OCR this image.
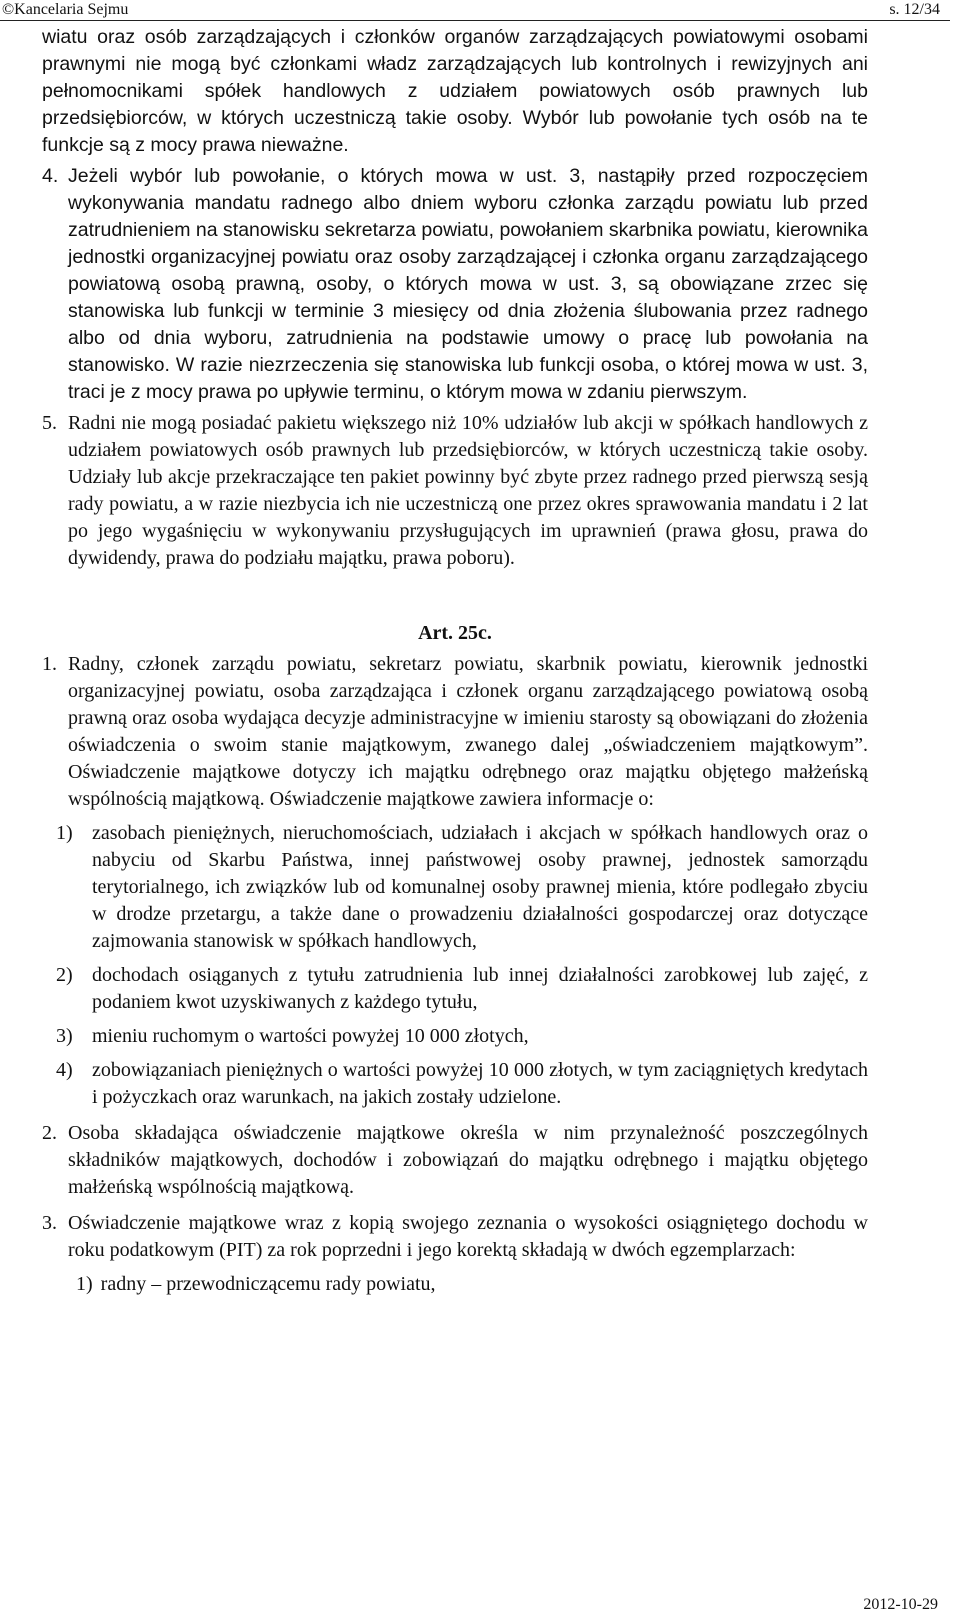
©Kancelaria Sejmu	s. 12/34

wiatu oraz osób zarządzających i członków organów zarządzających powiatowymi osobami prawnymi nie mogą być członkami władz zarządzających lub kontrolnych i rewizyjnych ani pełnomocnikami spółek handlowych z udziałem powiatowych osób prawnych lub przedsiębiorców, w których uczestniczą takie osoby. Wybór lub powołanie tych osób na te funkcje są z mocy prawa nieważne.

4. Jeżeli wybór lub powołanie, o których mowa w ust. 3, nastąpiły przed rozpoczęciem wykonywania mandatu radnego albo dniem wyboru członka zarządu powiatu lub przed zatrudnieniem na stanowisku sekretarza powiatu, powołaniem skarbnika powiatu, kierownika jednostki organizacyjnej powiatu oraz osoby zarządzającej i członka organu zarządzającego powiatową osobą prawną, osoby, o których mowa w ust. 3, są obowiązane zrzec się stanowiska lub funkcji w terminie 3 miesięcy od dnia złożenia ślubowania przez radnego albo od dnia wyboru, zatrudnienia na podstawie umowy o pracę lub powołania na stanowisko. W razie niezrzeczenia się stanowiska lub funkcji osoba, o której mowa w ust. 3, traci je z mocy prawa po upływie terminu, o którym mowa w zdaniu pierwszym.

5. Radni nie mogą posiadać pakietu większego niż 10% udziałów lub akcji w spółkach handlowych z udziałem powiatowych osób prawnych lub przedsiębiorców, w których uczestniczą takie osoby. Udziały lub akcje przekraczające ten pakiet powinny być zbyte przez radnego przed pierwszą sesją rady powiatu, a w razie niezbycia ich nie uczestniczą one przez okres sprawowania mandatu i 2 lat po jego wygaśnięciu w wykonywaniu przysługujących im uprawnień (prawa głosu, prawa do dywidendy, prawa do podziału majątku, prawa poboru).

Art. 25c.

1. Radny, członek zarządu powiatu, sekretarz powiatu, skarbnik powiatu, kierownik jednostki organizacyjnej powiatu, osoba zarządzająca i członek organu zarządzającego powiatową osobą prawną oraz osoba wydająca decyzje administracyjne w imieniu starosty są obowiązani do złożenia oświadczenia o swoim stanie majątkowym, zwanego dalej „oświadczeniem majątkowym”. Oświadczenie majątkowe dotyczy ich majątku odrębnego oraz majątku objętego małżeńską wspólnością majątkową. Oświadczenie majątkowe zawiera informacje o:

1) zasobach pieniężnych, nieruchomościach, udziałach i akcjach w spółkach handlowych oraz o nabyciu od Skarbu Państwa, innej państwowej osoby prawnej, jednostek samorządu terytorialnego, ich związków lub od komunalnej osoby prawnej mienia, które podlegało zbyciu w drodze przetargu, a także dane o prowadzeniu działalności gospodarczej oraz dotyczące zajmowania stanowisk w spółkach handlowych,
2) dochodach osiąganych z tytułu zatrudnienia lub innej działalności zarobkowej lub zajęć, z podaniem kwot uzyskiwanych z każdego tytułu,
3) mieniu ruchomym o wartości powyżej 10 000 złotych,
4) zobowiązaniach pieniężnych o wartości powyżej 10 000 złotych, w tym zaciągniętych kredytach i pożyczkach oraz warunkach, na jakich zostały udzielone.

2. Osoba składająca oświadczenie majątkowe określa w nim przynależność poszczególnych składników majątkowych, dochodów i zobowiązań do majątku odrębnego i majątku objętego małżeńską wspólnością majątkową.

3. Oświadczenie majątkowe wraz z kopią swojego zeznania o wysokości osiągniętego dochodu w roku podatkowym (PIT) za rok poprzedni i jego korektą składają w dwóch egzemplarzach:

1) radny – przewodniczącemu rady powiatu,
2012-10-29
